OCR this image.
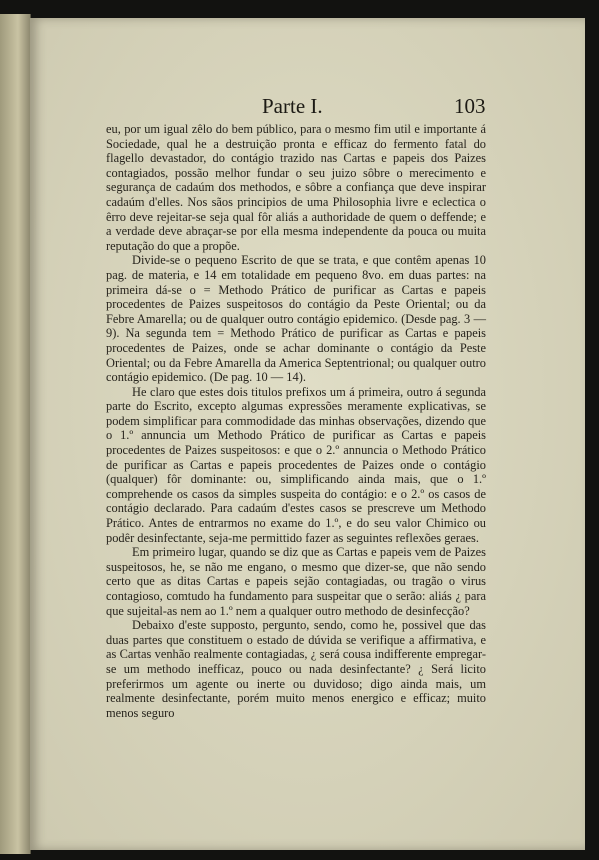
Parte I.	103

eu, por um igual zêlo do bem público, para o mesmo fim util e importante á Sociedade, qual he a destruição pronta e efficaz do fermento fatal do flagello devastador, do contágio trazido nas Cartas e papeis dos Paizes contagiados, possão melhor fundar o seu juizo sôbre o merecimento e segurança de cadaúm dos methodos, e sôbre a confiança que deve inspirar cadaúm d'elles. Nos sãos principios de uma Philosophia livre e eclectica o êrro deve rejeitar-se seja qual fôr aliás a authoridade de quem o deffende; e a verdade deve abraçar-se por ella mesma independente da pouca ou muita reputação do que a propõe.

Divide-se o pequeno Escrito de que se trata, e que contêm apenas 10 pag. de materia, e 14 em totalidade em pequeno 8vo. em duas partes: na primeira dá-se o = Methodo Prático de purificar as Cartas e papeis procedentes de Paizes suspeitosos do contágio da Peste Oriental; ou da Febre Amarella; ou de qualquer outro contágio epidemico. (Desde pag. 3 — 9). Na segunda tem = Methodo Prático de purificar as Cartas e papeis procedentes de Paizes, onde se achar dominante o contágio da Peste Oriental; ou da Febre Amarella da America Septentrional; ou qualquer outro contágio epidemico. (De pag. 10 — 14).

He claro que estes dois titulos prefixos um á primeira, outro á segunda parte do Escrito, excepto algumas expressões meramente explicativas, se podem simplificar para commodidade das minhas observações, dizendo que o 1.º annuncia um Methodo Prático de purificar as Cartas e papeis procedentes de Paizes suspeitosos: e que o 2.º annuncia o Methodo Prático de purificar as Cartas e papeis procedentes de Paizes onde o contágio (qualquer) fôr dominante: ou, simplificando ainda mais, que o 1.º comprehende os casos da simples suspeita do contágio: e o 2.º os casos de contágio declarado. Para cadaúm d'estes casos se prescreve um Methodo Prático. Antes de entrarmos no exame do 1.º, e do seu valor Chimico ou podêr desinfectante, seja-me permittido fazer as seguintes reflexões geraes.

Em primeiro lugar, quando se diz que as Cartas e papeis vem de Paizes suspeitosos, he, se não me engano, o mesmo que dizer-se, que não sendo certo que as ditas Cartas e papeis sejão contagiadas, ou tragão o virus contagioso, comtudo ha fundamento para suspeitar que o serão: aliás ¿ para que sujeital-as nem ao 1.º nem a qualquer outro methodo de desinfecção?

Debaixo d'este supposto, pergunto, sendo, como he, possivel que das duas partes que constituem o estado de dúvida se verifique a affirmativa, e as Cartas venhão realmente contagiadas, ¿ será cousa indifferente empregar-se um methodo inefficaz, pouco ou nada desinfectante? ¿ Será licito preferirmos um agente ou inerte ou duvidoso; digo ainda mais, um realmente desinfectante, porém muito menos energico e efficaz; muito menos seguro
